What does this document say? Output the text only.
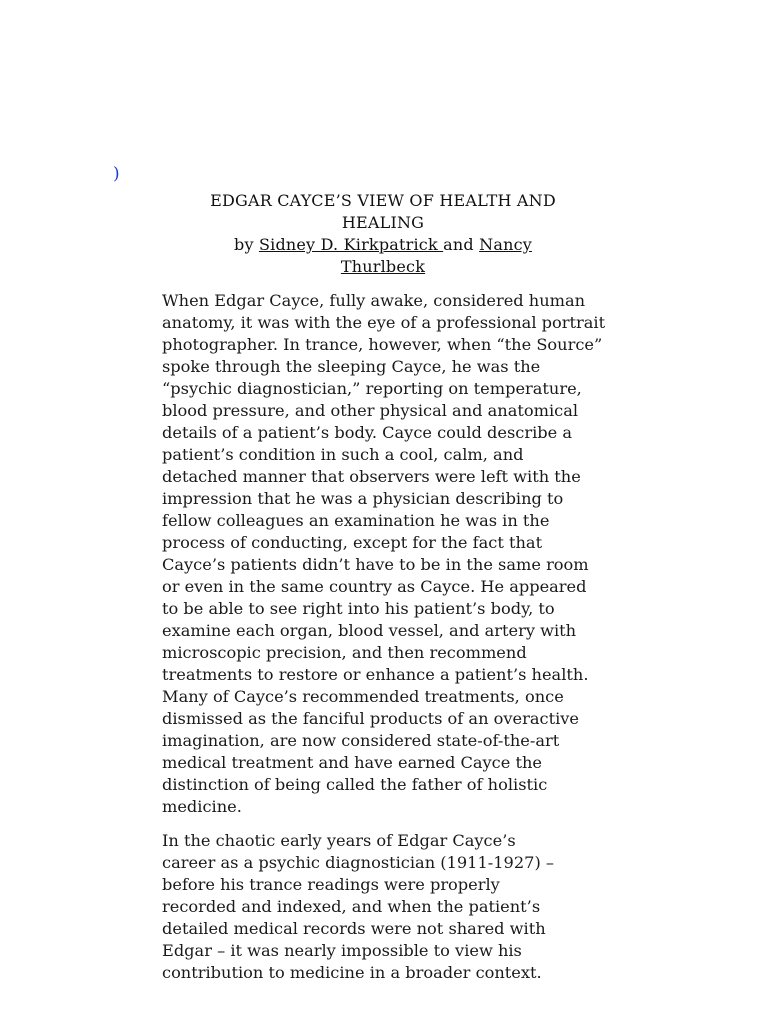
)
EDGAR CAYCE’S VIEW OF HEALTH AND
HEALING
by Sidney D. Kirkpatrick and Nancy
Thurlbeck

When Edgar Cayce, fully awake, considered human
anatomy, it was with the eye of a professional portrait
photographer. In trance, however, when “the Source”
spoke through the sleeping Cayce, he was the
“psychic diagnostician,” reporting on temperature,
blood pressure, and other physical and anatomical
details of a patient’s body. Cayce could describe a
patient’s condition in such a cool, calm, and
detached manner that observers were left with the
impression that he was a physician describing to
fellow colleagues an examination he was in the
process of conducting, except for the fact that
Cayce’s patients didn’t have to be in the same room
or even in the same country as Cayce. He appeared
to be able to see right into his patient’s body, to
examine each organ, blood vessel, and artery with
microscopic precision, and then recommend
treatments to restore or enhance a patient’s health.
Many of Cayce’s recommended treatments, once
dismissed as the fanciful products of an overactive
imagination, are now considered state-of-the-art
medical treatment and have earned Cayce the
distinction of being called the father of holistic
medicine.

In the chaotic early years of Edgar Cayce’s
career as a psychic diagnostician (1911-1927) –
before his trance readings were properly
recorded and indexed, and when the patient’s
detailed medical records were not shared with
Edgar – it was nearly impossible to view his
contribution to medicine in a broader context.
